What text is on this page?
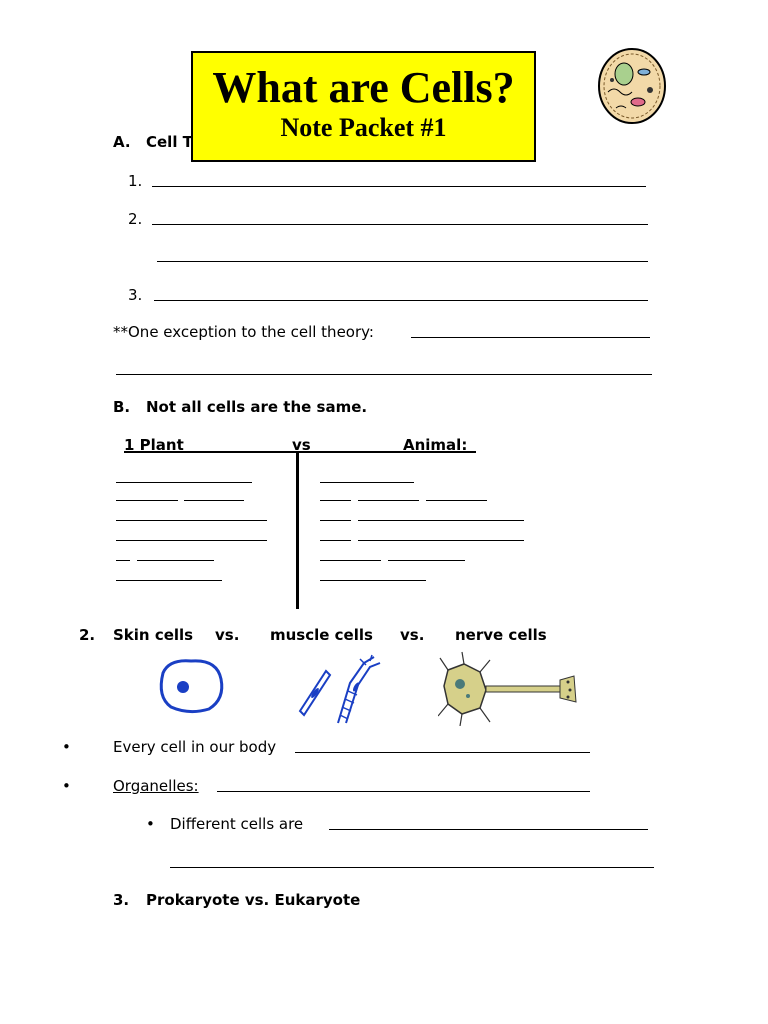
What are Cells?
Note Packet #1
A. Cell T
1.
2.
3.
**One exception to the cell theory:
B. Not all cells are the same.
1 Plant	vs	Animal:
2. Skin cells vs. muscle cells vs. nerve cells
•	Every cell in our body
•	Organelles:
• Different cells are
3. Prokaryote vs. Eukaryote
